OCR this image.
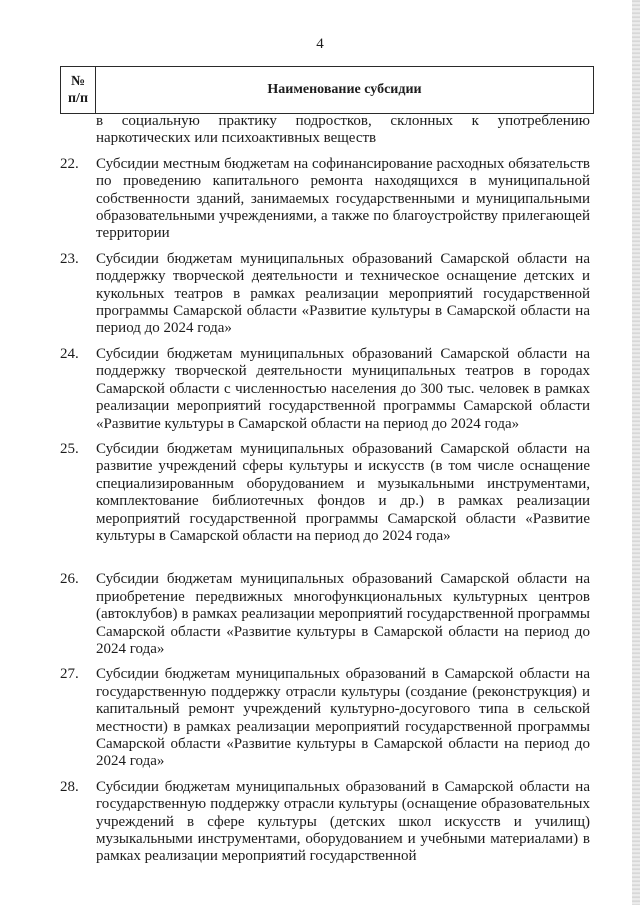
4
№
п/п	Наименование субсидии

в социальную практику подростков, склонных к употреблению наркотических или психоактивных веществ

22.	Субсидии местным бюджетам на софинансирование расходных обязательств по проведению капитального ремонта находящихся в муниципальной собственности зданий, занимаемых государственными и муниципальными образовательными учреждениями, а также по благоустройству прилегающей территории

23.	Субсидии бюджетам муниципальных образований Самарской области на поддержку творческой деятельности и техническое оснащение детских и кукольных театров в рамках реализации мероприятий государственной программы Самарской области «Развитие культуры в Самарской области на период до 2024 года»

24.	Субсидии бюджетам муниципальных образований Самарской области на поддержку творческой деятельности муниципальных театров в городах Самарской области с численностью населения до 300 тыс. человек в рамках реализации мероприятий государственной программы Самарской области «Развитие культуры в Самарской области на период до 2024 года»

25.	Субсидии бюджетам муниципальных образований Самарской области на развитие учреждений сферы культуры и искусств (в том числе оснащение специализированным оборудованием и музыкальными инструментами, комплектование библиотечных фондов и др.) в рамках реализации мероприятий государственной программы Самарской области «Развитие культуры в Самарской области на период до 2024 года»

26.	Субсидии бюджетам муниципальных образований Самарской области на приобретение передвижных многофункциональных культурных центров (автоклубов) в рамках реализации мероприятий государственной программы Самарской области «Развитие культуры в Самарской области на период до 2024 года»

27.	Субсидии бюджетам муниципальных образований в Самарской области на государственную поддержку отрасли культуры (создание (реконструкция) и капитальный ремонт учреждений культурно-досугового типа в сельской местности) в рамках реализации мероприятий государственной программы Самарской области «Развитие культуры в Самарской области на период до 2024 года»

28.	Субсидии бюджетам муниципальных образований в Самарской области на государственную поддержку отрасли культуры (оснащение образовательных учреждений в сфере культуры (детских школ искусств и училищ) музыкальными инструментами, оборудованием и учебными материалами) в рамках реализации мероприятий государственной
